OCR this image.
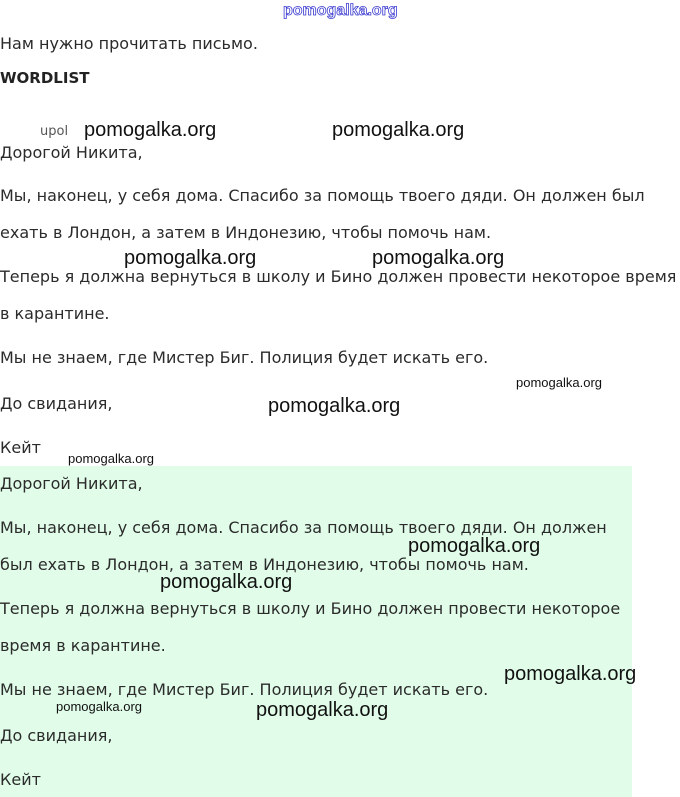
pomogalka.org
Нам нужно прочитать письмо.
WORDLIST
upol
Дорогой Никита,
Мы, наконец, у себя дома. Спасибо за помощь твоего дяди. Он должен был
ехать в Лондон, а затем в Индонезию, чтобы помочь нам.
Теперь я должна вернуться в школу и Бино должен провести некоторое время
в карантине.
Мы не знаем, где Мистер Биг. Полиция будет искать его.
До свидания,
Кейт
Дорогой Никита,
Мы, наконец, у себя дома. Спасибо за помощь твоего дяди. Он должен
был ехать в Лондон, а затем в Индонезию, чтобы помочь нам.
Теперь я должна вернуться в школу и Бино должен провести некоторое
время в карантине.
Мы не знаем, где Мистер Биг. Полиция будет искать его.
До свидания,
Кейт
pomogalka.org	pomogalka.org
pomogalka.org	pomogalka.org
pomogalka.org
pomogalka.org
pomogalka.org
pomogalka.org
pomogalka.org
pomogalka.org
pomogalka.org	pomogalka.org
